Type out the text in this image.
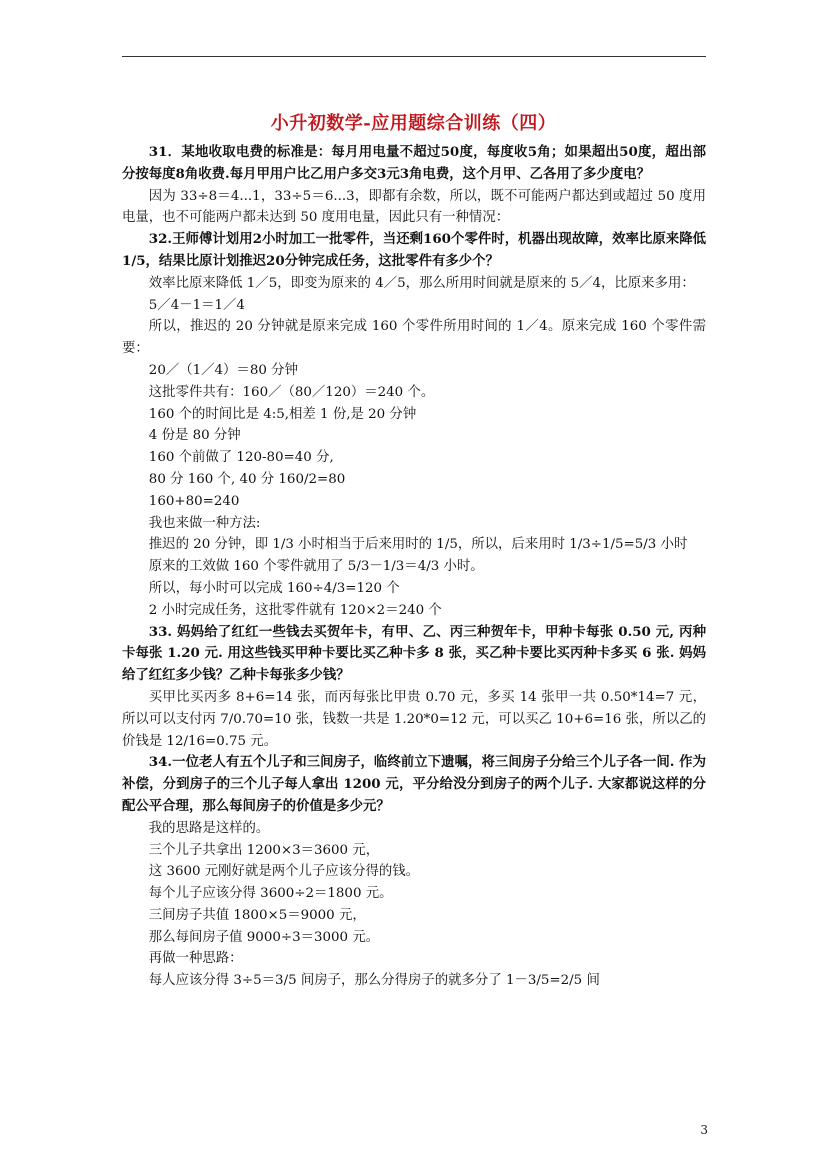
小升初数学-应用题综合训练（四）

31．某地收取电费的标准是：每月用电量不超过50度，每度收5角；如果超出50度，超出部分按每度8角收费.每月甲用户比乙用户多交3元3角电费，这个月甲、乙各用了多少度电？

因为 33÷8＝4...1，33÷5＝6...3，即都有余数，所以，既不可能两户都达到或超过 50 度用电量，也不可能两户都未达到 50 度用电量，因此只有一种情况：

32.王师傅计划用2小时加工一批零件，当还剩160个零件时，机器出现故障，效率比原来降低1/5，结果比原计划推迟20分钟完成任务，这批零件有多少个？

效率比原来降低 1／5，即变为原来的 4／5，那么所用时间就是原来的 5／4，比原来多用：

5／4－1＝1／4

所以，推迟的 20 分钟就是原来完成 160 个零件所用时间的 1／4。原来完成 160 个零件需要：

20／（1／4）＝80 分钟

这批零件共有：160／（80／120）＝240 个。

160 个的时间比是 4:5,相差 1 份,是 20 分钟

4 份是 80 分钟

160 个前做了 120-80=40 分,

80 分 160 个, 40 分 160/2=80

160+80=240

我也来做一种方法:

推迟的 20 分钟，即 1/3 小时相当于后来用时的 1/5，所以，后来用时 1/3÷1/5=5/3 小时

原来的工效做 160 个零件就用了 5/3－1/3＝4/3 小时。

所以，每小时可以完成 160÷4/3=120 个

2 小时完成任务，这批零件就有 120×2＝240 个

33. 妈妈给了红红一些钱去买贺年卡，有甲、乙、丙三种贺年卡，甲种卡每张 0.50 元, 丙种卡每张 1.20 元. 用这些钱买甲种卡要比买乙种卡多 8 张，买乙种卡要比买丙种卡多买 6 张. 妈妈给了红红多少钱？乙种卡每张多少钱？

买甲比买丙多 8+6=14 张，而丙每张比甲贵 0.70 元，多买 14 张甲一共 0.50*14=7 元，所以可以支付丙 7/0.70=10 张，钱数一共是 1.20*0=12 元，可以买乙 10+6=16 张，所以乙的价钱是 12/16=0.75 元。

34.一位老人有五个儿子和三间房子，临终前立下遗嘱，将三间房子分给三个儿子各一间. 作为补偿，分到房子的三个儿子每人拿出 1200 元，平分给没分到房子的两个儿子. 大家都说这样的分配公平合理，那么每间房子的价值是多少元？

我的思路是这样的。

三个儿子共拿出 1200×3＝3600 元，

这 3600 元刚好就是两个儿子应该分得的钱。

每个儿子应该分得 3600÷2＝1800 元。

三间房子共值 1800×5＝9000 元，

那么每间房子值 9000÷3＝3000 元。

再做一种思路：

每人应该分得 3÷5＝3/5 间房子，那么分得房子的就多分了 1－3/5=2/5 间

3
